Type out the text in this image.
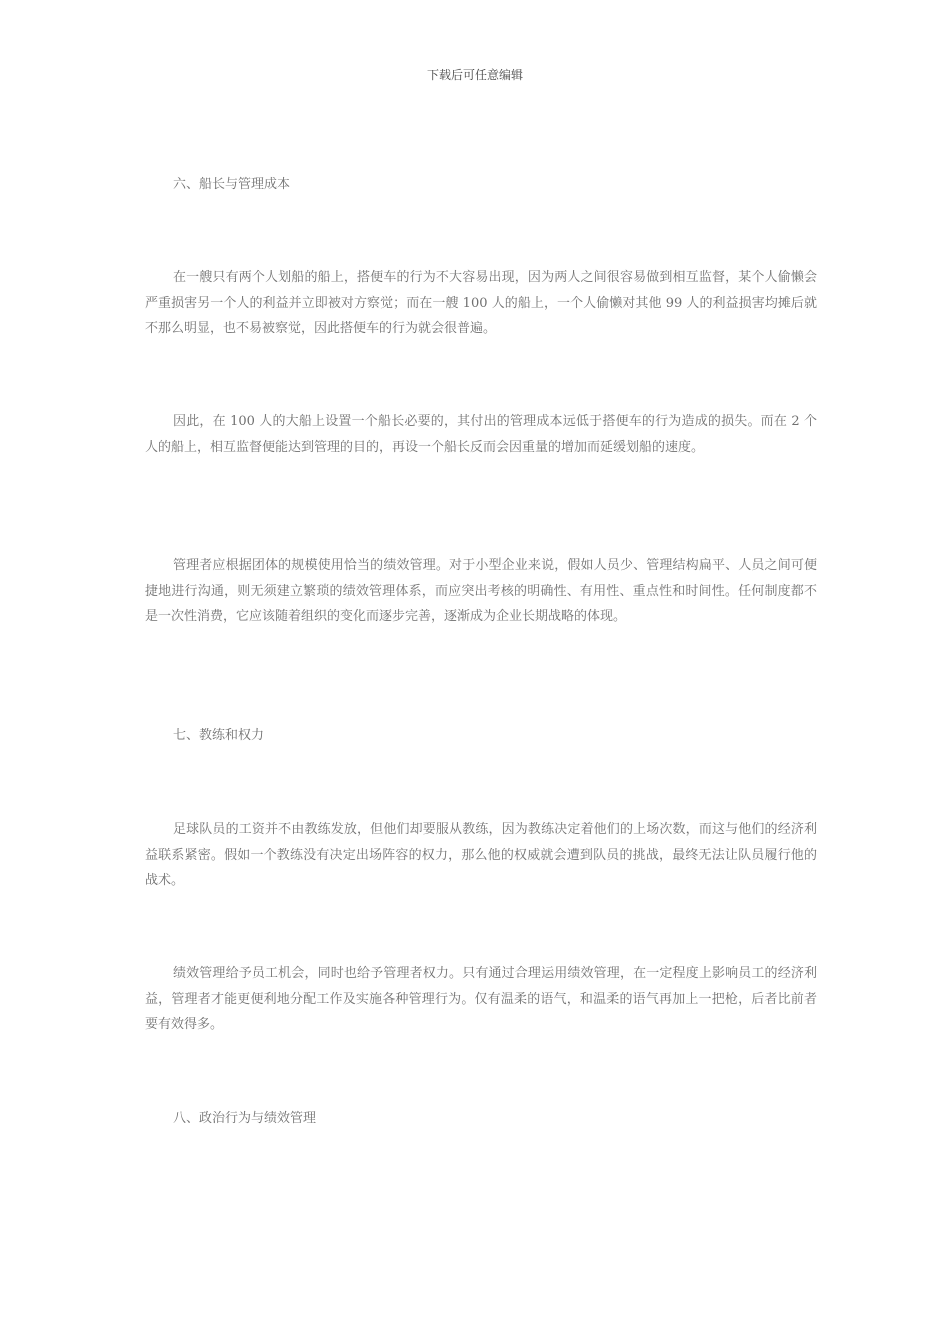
下载后可任意编辑

六、船长与管理成本

在一艘只有两个人划船的船上，搭便车的行为不大容易出现，因为两人之间很容易做到相互监督，某个人偷懒会严重损害另一个人的利益并立即被对方察觉；而在一艘 100 人的船上，一个人偷懒对其他 99 人的利益损害均摊后就不那么明显，也不易被察觉，因此搭便车的行为就会很普遍。

因此，在 100 人的大船上设置一个船长必要的，其付出的管理成本远低于搭便车的行为造成的损失。而在 2 个人的船上，相互监督便能达到管理的目的，再设一个船长反而会因重量的增加而延缓划船的速度。

管理者应根据团体的规模使用恰当的绩效管理。对于小型企业来说，假如人员少、管理结构扁平、人员之间可便捷地进行沟通，则无须建立繁琐的绩效管理体系，而应突出考核的明确性、有用性、重点性和时间性。任何制度都不是一次性消费，它应该随着组织的变化而逐步完善，逐渐成为企业长期战略的体现。

七、教练和权力

足球队员的工资并不由教练发放，但他们却要服从教练，因为教练决定着他们的上场次数，而这与他们的经济利益联系紧密。假如一个教练没有决定出场阵容的权力，那么他的权威就会遭到队员的挑战，最终无法让队员履行他的战术。

绩效管理给予员工机会，同时也给予管理者权力。只有通过合理运用绩效管理，在一定程度上影响员工的经济利益，管理者才能更便利地分配工作及实施各种管理行为。仅有温柔的语气，和温柔的语气再加上一把枪，后者比前者要有效得多。

八、政治行为与绩效管理
